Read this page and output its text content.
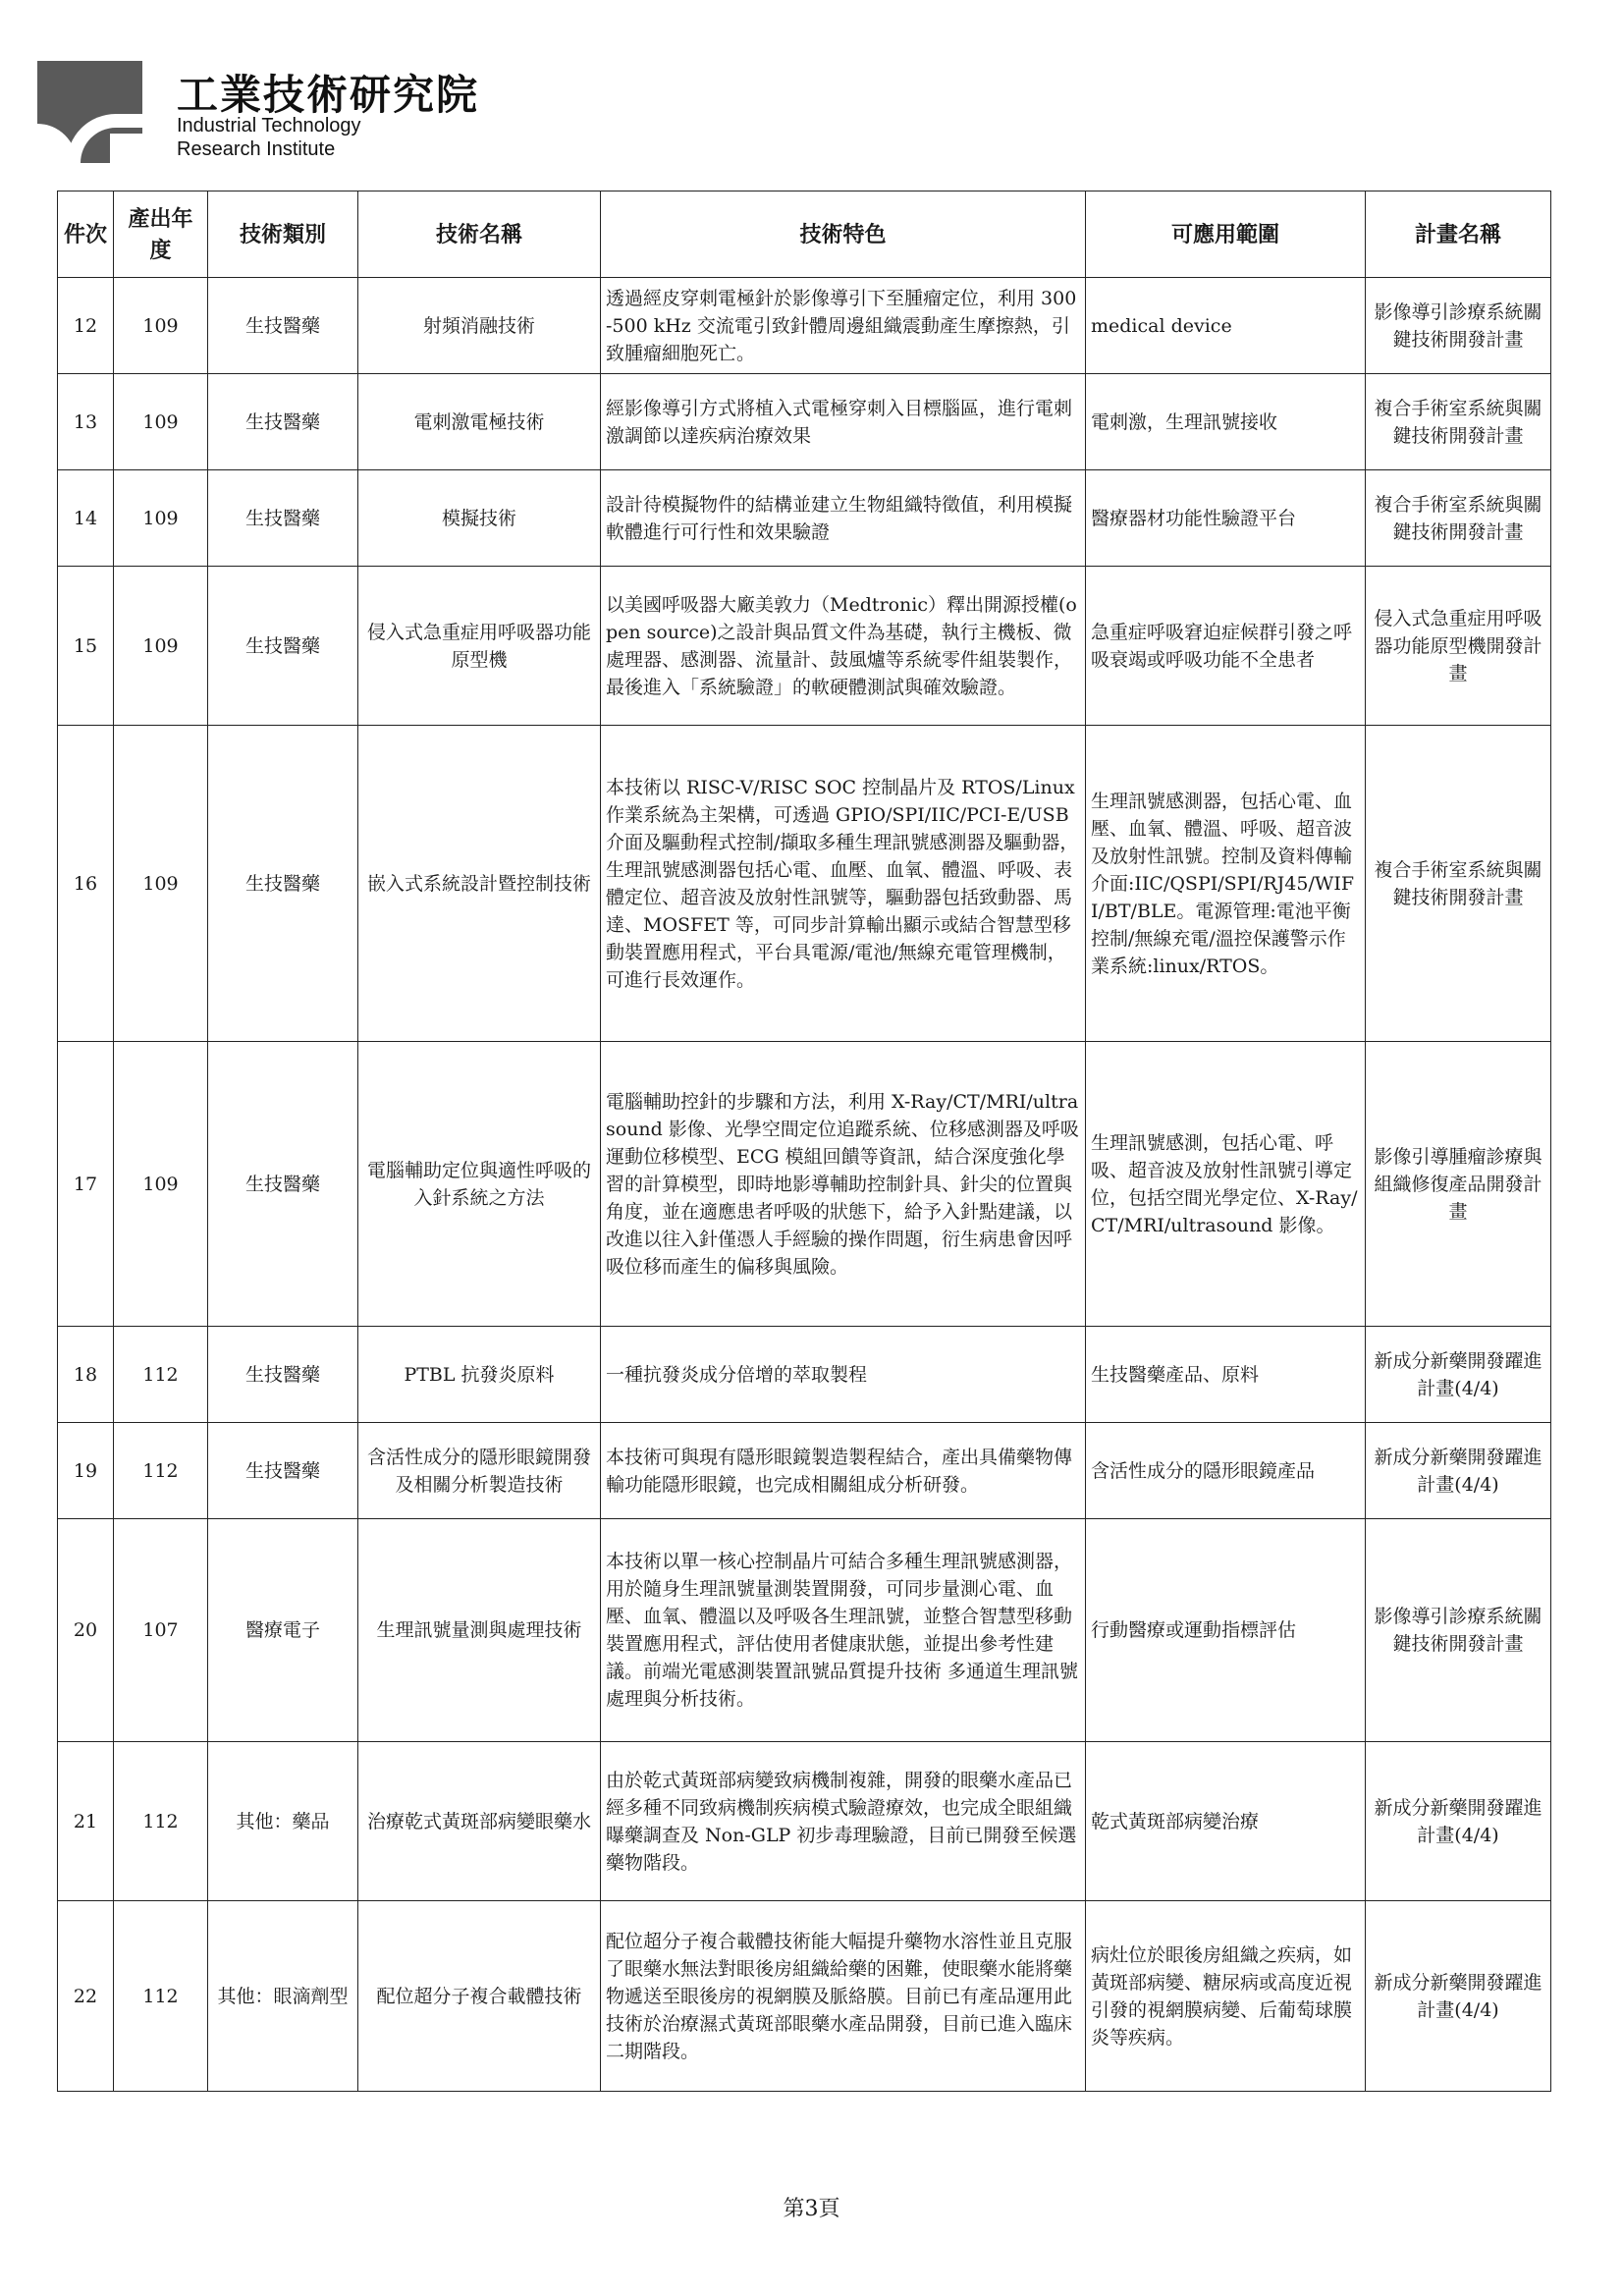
工業技術研究院
Industrial Technology
Research Institute
件次	產出年度	技術類別	技術名稱	技術特色	可應用範圍	計畫名稱
12	109	生技醫藥	射頻消融技術	透過經皮穿刺電極針於影像導引下至腫瘤定位，利用 300-500 kHz 交流電引致針體周邊組織震動產生摩擦熱，引致腫瘤細胞死亡。	medical device	影像導引診療系統關鍵技術開發計畫
13	109	生技醫藥	電刺激電極技術	經影像導引方式將植入式電極穿刺入目標腦區，進行電刺激調節以達疾病治療效果	電刺激，生理訊號接收	複合手術室系統與關鍵技術開發計畫
14	109	生技醫藥	模擬技術	設計待模擬物件的結構並建立生物組織特徵值，利用模擬軟體進行可行性和效果驗證	醫療器材功能性驗證平台	複合手術室系統與關鍵技術開發計畫
15	109	生技醫藥	侵入式急重症用呼吸器功能原型機	以美國呼吸器大廠美敦力（Medtronic）釋出開源授權(open source)之設計與品質文件為基礎，執行主機板、微處理器、感測器、流量計、鼓風爐等系統零件組裝製作，最後進入「系統驗證」的軟硬體測試與確效驗證。	急重症呼吸窘迫症候群引發之呼吸衰竭或呼吸功能不全患者	侵入式急重症用呼吸器功能原型機開發計畫
16	109	生技醫藥	嵌入式系統設計暨控制技術	本技術以 RISC-V/RISC SOC 控制晶片及 RTOS/Linux 作業系統為主架構，可透過 GPIO/SPI/IIC/PCI-E/USB 介面及驅動程式控制/擷取多種生理訊號感測器及驅動器，生理訊號感測器包括心電、血壓、血氧、體溫、呼吸、表體定位、超音波及放射性訊號等，驅動器包括致動器、馬達、MOSFET 等，可同步計算輸出顯示或結合智慧型移動裝置應用程式，平台具電源/電池/無線充電管理機制，可進行長效運作。	生理訊號感測器，包括心電、血壓、血氧、體溫、呼吸、超音波及放射性訊號。控制及資料傳輸介面:IIC/QSPI/SPI/RJ45/WIFI/BT/BLE。電源管理:電池平衡控制/無線充電/溫控保護警示作業系統:linux/RTOS。	複合手術室系統與關鍵技術開發計畫
17	109	生技醫藥	電腦輔助定位與適性呼吸的入針系統之方法	電腦輔助控針的步驟和方法，利用 X-Ray/CT/MRI/ultrasound 影像、光學空間定位追蹤系統、位移感測器及呼吸運動位移模型、ECG 模組回饋等資訊，結合深度強化學習的計算模型，即時地影導輔助控制針具、針尖的位置與角度，並在適應患者呼吸的狀態下，給予入針點建議，以改進以往入針僅憑人手經驗的操作問題，衍生病患會因呼吸位移而產生的偏移與風險。	生理訊號感測，包括心電、呼吸、超音波及放射性訊號引導定位，包括空間光學定位、X-Ray/CT/MRI/ultrasound 影像。	影像引導腫瘤診療與組織修復產品開發計畫
18	112	生技醫藥	PTBL 抗發炎原料	一種抗發炎成分倍增的萃取製程	生技醫藥產品、原料	新成分新藥開發躍進計畫(4/4)
19	112	生技醫藥	含活性成分的隱形眼鏡開發及相關分析製造技術	本技術可與現有隱形眼鏡製造製程結合，產出具備藥物傳輸功能隱形眼鏡，也完成相關組成分析研發。	含活性成分的隱形眼鏡產品	新成分新藥開發躍進計畫(4/4)
20	107	醫療電子	生理訊號量測與處理技術	本技術以單一核心控制晶片可結合多種生理訊號感測器，用於隨身生理訊號量測裝置開發，可同步量測心電、血壓、血氧、體溫以及呼吸各生理訊號，並整合智慧型移動裝置應用程式，評估使用者健康狀態，並提出參考性建議。前端光電感測裝置訊號品質提升技術 多通道生理訊號處理與分析技術。	行動醫療或運動指標評估	影像導引診療系統關鍵技術開發計畫
21	112	其他：藥品	治療乾式黃斑部病變眼藥水	由於乾式黃斑部病變致病機制複雜，開發的眼藥水產品已經多種不同致病機制疾病模式驗證療效，也完成全眼組織曝藥調查及 Non-GLP 初步毒理驗證，目前已開發至候選藥物階段。	乾式黃斑部病變治療	新成分新藥開發躍進計畫(4/4)
22	112	其他：眼滴劑型	配位超分子複合載體技術	配位超分子複合載體技術能大幅提升藥物水溶性並且克服了眼藥水無法對眼後房組織給藥的困難，使眼藥水能將藥物遞送至眼後房的視網膜及脈絡膜。目前已有產品運用此技術於治療濕式黃斑部眼藥水產品開發，目前已進入臨床二期階段。	病灶位於眼後房組織之疾病，如黃斑部病變、糖尿病或高度近視引發的視網膜病變、后葡萄球膜炎等疾病。	新成分新藥開發躍進計畫(4/4)
第3頁
